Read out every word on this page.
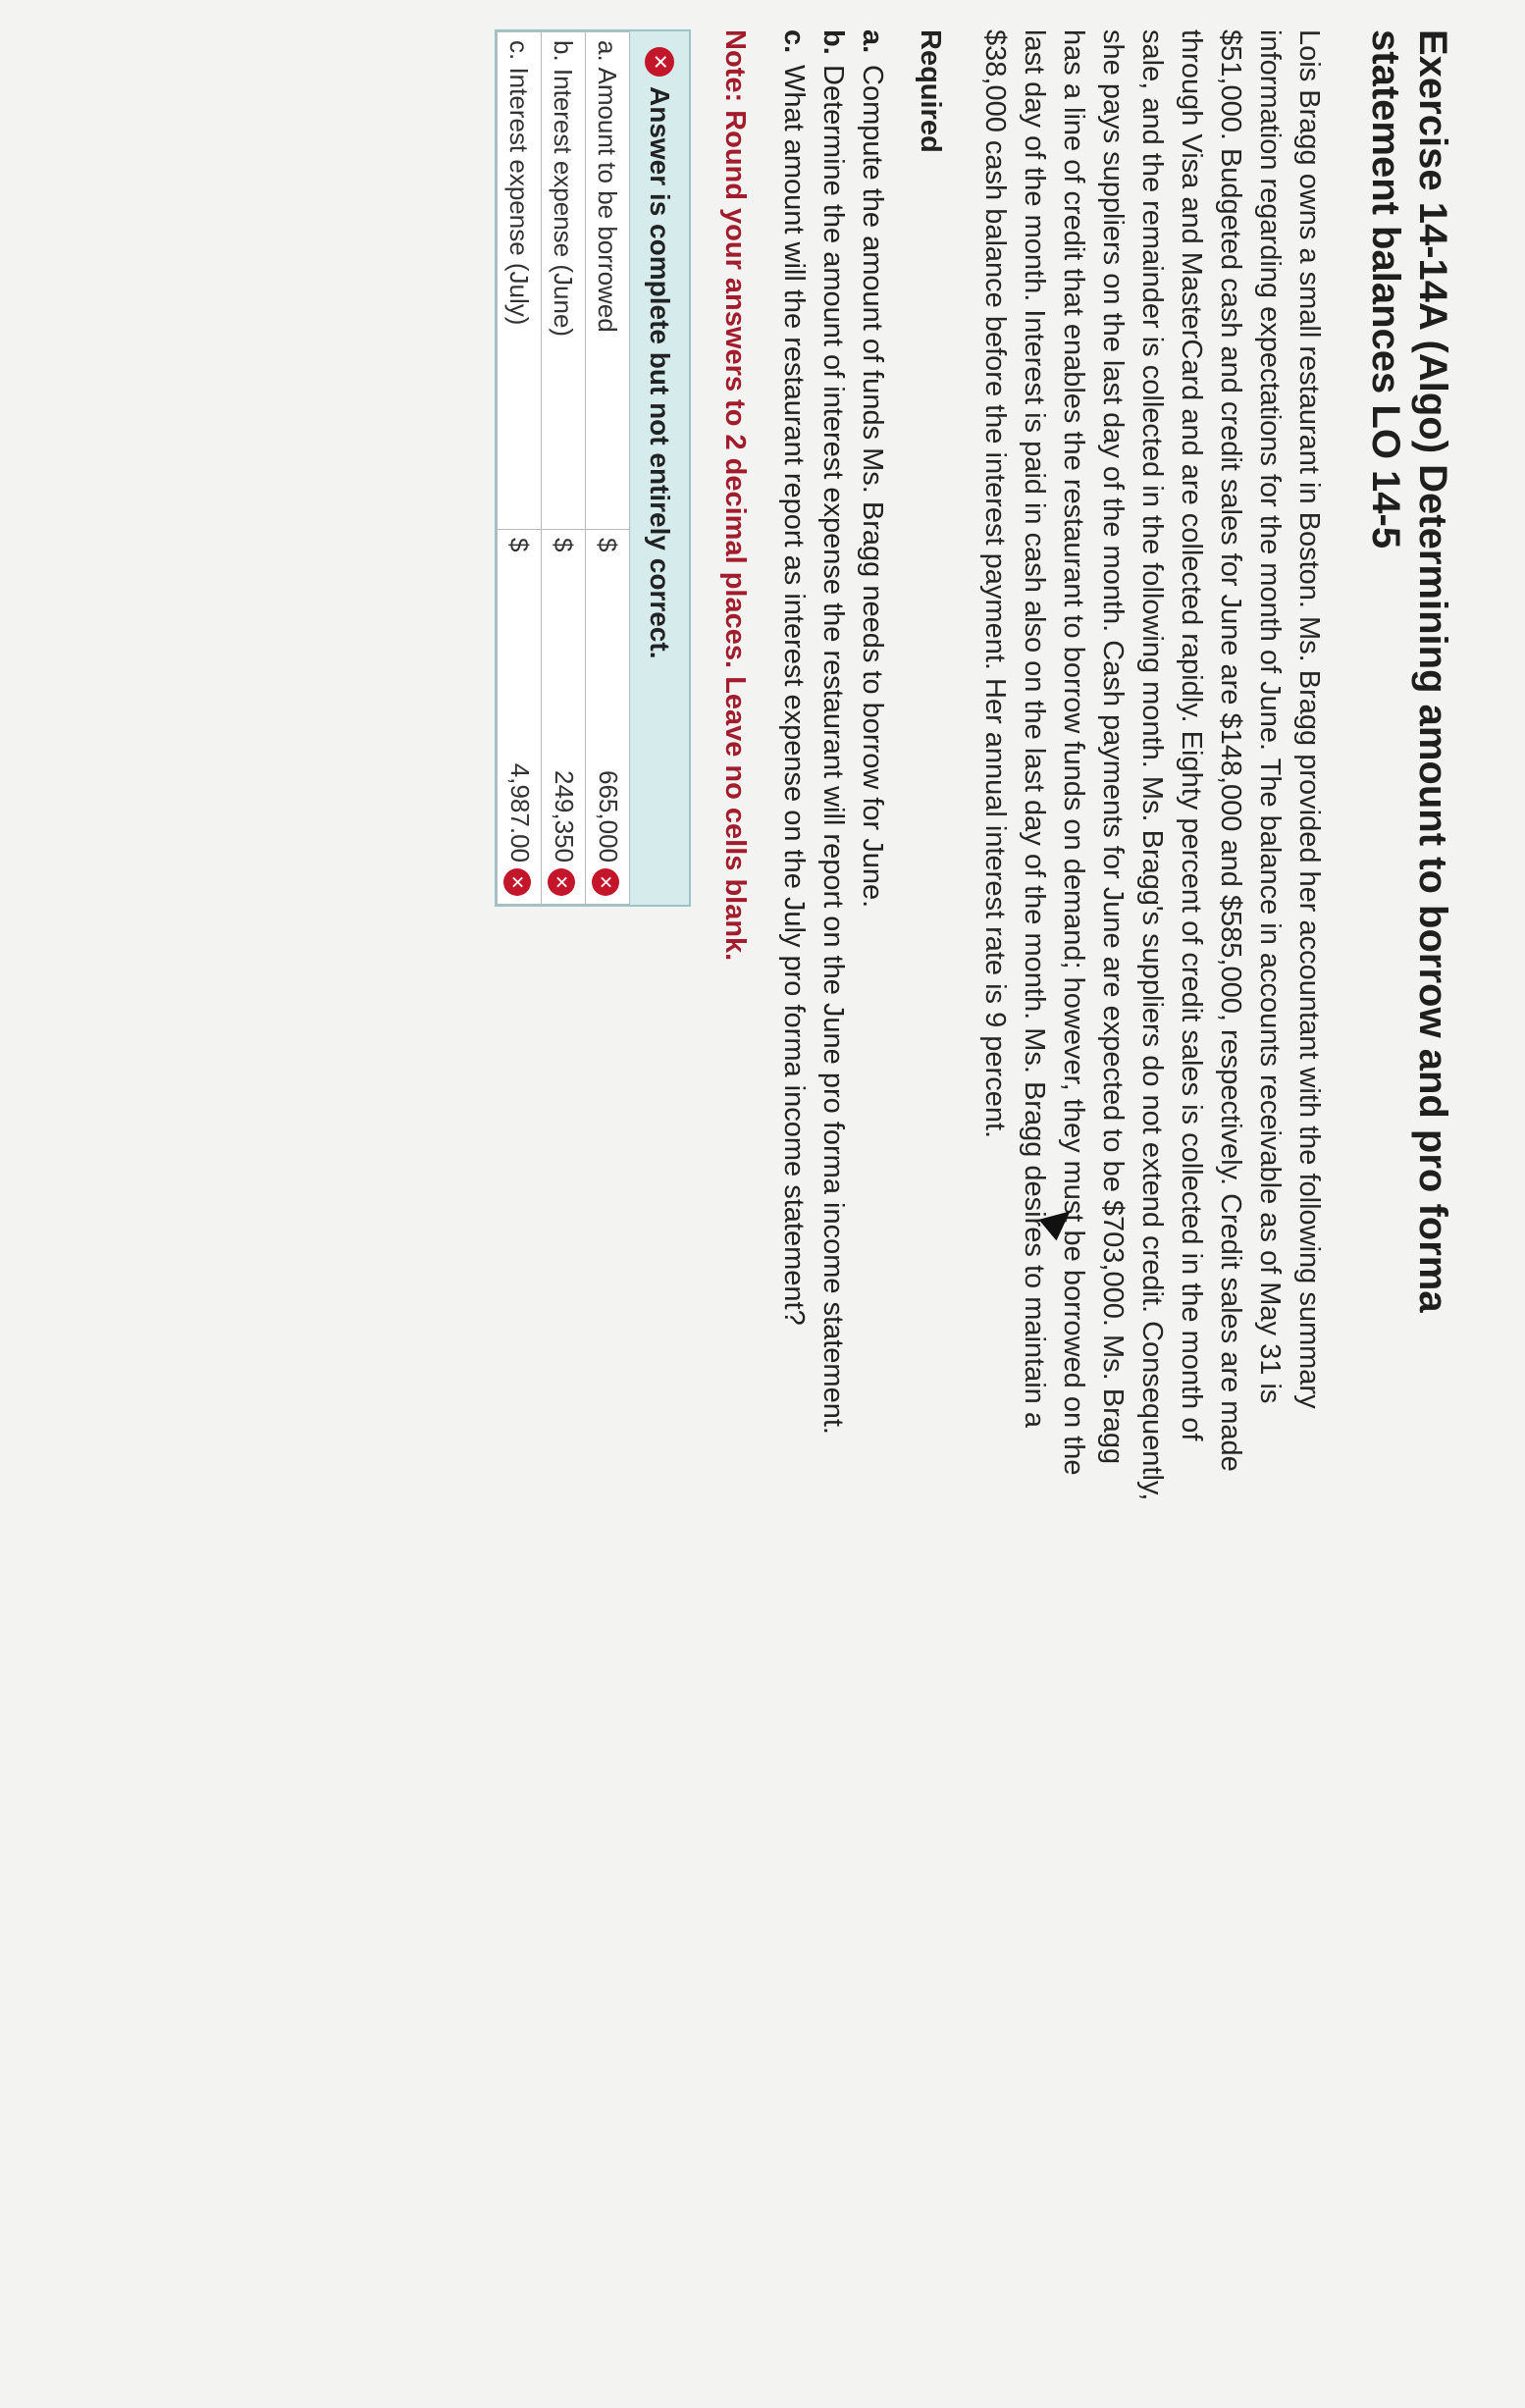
Exercise 14-14A (Algo) Determining amount to borrow and pro forma statement balances LO 14-5

Lois Bragg owns a small restaurant in Boston. Ms. Bragg provided her accountant with the following summary information regarding expectations for the month of June. The balance in accounts receivable as of May 31 is $51,000. Budgeted cash and credit sales for June are $148,000 and $585,000, respectively. Credit sales are made through Visa and MasterCard and are collected rapidly. Eighty percent of credit sales is collected in the month of sale, and the remainder is collected in the following month. Ms. Bragg's suppliers do not extend credit. Consequently, she pays suppliers on the last day of the month. Cash payments for June are expected to be $703,000. Ms. Bragg has a line of credit that enables the restaurant to borrow funds on demand; however, they must be borrowed on the last day of the month. Interest is paid in cash also on the last day of the month. Ms. Bragg desires to maintain a $38,000 cash balance before the interest payment. Her annual interest rate is 9 percent.

Required
a.Compute the amount of funds Ms. Bragg needs to borrow for June.
b.Determine the amount of interest expense the restaurant will report on the June pro forma income statement.
c.What amount will the restaurant report as interest expense on the July pro forma income statement?
Note: Round your answers to 2 decimal places. Leave no cells blank.
✕
Answer is complete but not entirely correct.
a. Amount to be borrowed	$	665,000✕
b. Interest expense (June)	$	249,350✕
c. Interest expense (July)	$	4,987.00✕
